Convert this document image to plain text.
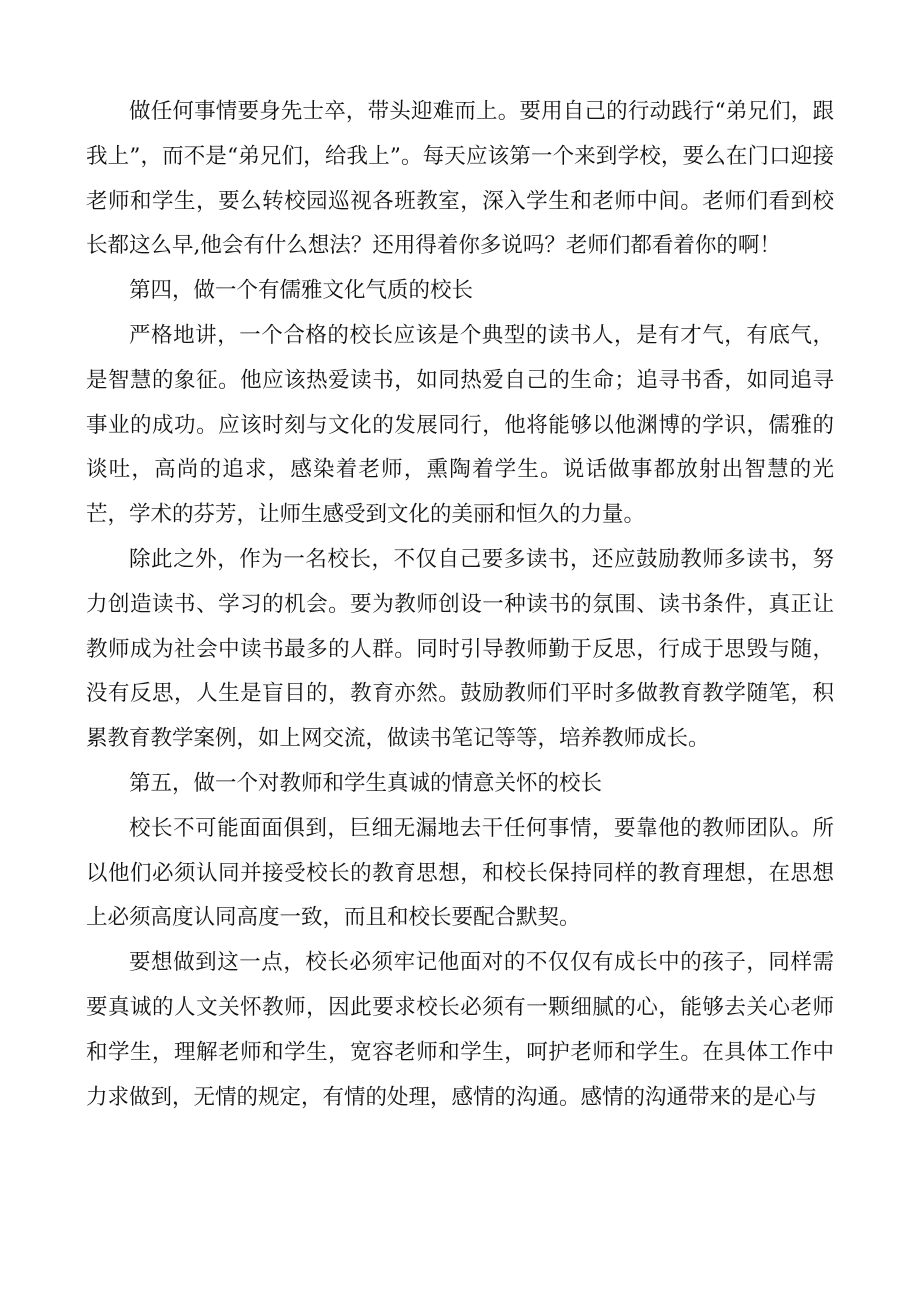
做任何事情要身先士卒，带头迎难而上。要用自己的行动践行“弟兄们，跟我上”，而不是“弟兄们，给我上”。每天应该第一个来到学校，要么在门口迎接老师和学生，要么转校园巡视各班教室，深入学生和老师中间。老师们看到校长都这么早,他会有什么想法？还用得着你多说吗？老师们都看着你的啊！

第四，做一个有儒雅文化气质的校长

严格地讲，一个合格的校长应该是个典型的读书人，是有才气，有底气，是智慧的象征。他应该热爱读书，如同热爱自己的生命；追寻书香，如同追寻事业的成功。应该时刻与文化的发展同行，他将能够以他渊博的学识，儒雅的谈吐，高尚的追求，感染着老师，熏陶着学生。说话做事都放射出智慧的光芒，学术的芬芳，让师生感受到文化的美丽和恒久的力量。

除此之外，作为一名校长，不仅自己要多读书，还应鼓励教师多读书，努力创造读书、学习的机会。要为教师创设一种读书的氛围、读书条件，真正让教师成为社会中读书最多的人群。同时引导教师勤于反思，行成于思毁与随，没有反思，人生是盲目的，教育亦然。鼓励教师们平时多做教育教学随笔，积累教育教学案例，如上网交流，做读书笔记等等，培养教师成长。

第五，做一个对教师和学生真诚的情意关怀的校长

校长不可能面面俱到，巨细无漏地去干任何事情，要靠他的教师团队。所以他们必须认同并接受校长的教育思想，和校长保持同样的教育理想，在思想上必须高度认同高度一致，而且和校长要配合默契。

要想做到这一点，校长必须牢记他面对的不仅仅有成长中的孩子，同样需要真诚的人文关怀教师，因此要求校长必须有一颗细腻的心，能够去关心老师和学生，理解老师和学生，宽容老师和学生，呵护老师和学生。在具体工作中力求做到，无情的规定，有情的处理，感情的沟通。感情的沟通带来的是心与
